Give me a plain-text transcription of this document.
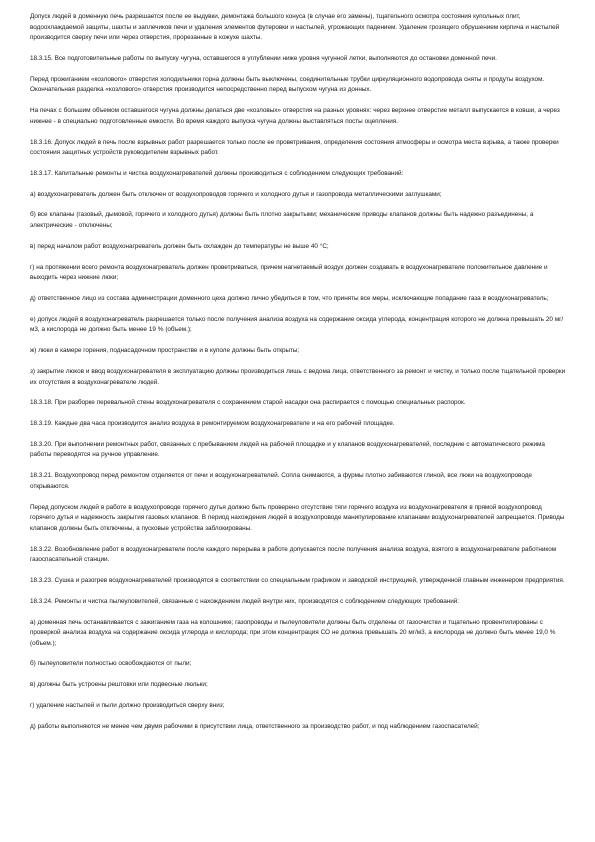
Допуск людей в доменную печь разрешается после ее выдувки, демонтажа большого конуса (в случае его замены), тщательного осмотра состояния купольных плит, водоохлаждаемой защиты, шахты и заплечиков печи и удаления элементов футеровки и настылей, угрожающих падением. Удаление грозящего обрушением кирпича и настылей производится сверху печи или через отверстия, прорезанные в кожухе шахты.

18.3.15. Все подготовительные работы по выпуску чугуна, оставшегося в углублении ниже уровня чугунной летки, выполняются до остановки доменной печи.

Перед прожиганием «козлового» отверстия холодильники горна должны быть выключены, соединительные трубки циркуляционного водопровода сняты и продуты воздухом. Окончательная разделка «козлового» отверстия производится непосредственно перед выпуском чугуна из донных.

На печах с большим объемом оставшегося чугуна должны делаться две «козловых» отверстия на разных уровнях: через верхнее отверстие металл выпускается в ковши, а через нижнее - в специально подготовленные емкости. Во время каждого выпуска чугуна должны выставляться посты оцепления.

18.3.16. Допуск людей в печь после взрывных работ разрешается только после ее проветривания, определения состояния атмосферы и осмотра места взрыва, а также проверки состояния защитных устройств руководителем взрывных работ.

18.3.17. Капитальные ремонты и чистка воздухонагревателей должны производиться с соблюдением следующих требований:

а) воздухонагреватель должен быть отключен от воздухопроводов горячего и холодного дутья и газопровода металлическими заглушками;

б) все клапаны (газовый, дымовой, горячего и холодного дутья) должны быть плотно закрытыми; механические приводы клапанов должны быть надежно разъединены, а электрические - отключены;

в) перед началом работ воздухонагреватель должен быть охлажден до температуры не выше 40 °С;

г) на протяжении всего ремонта воздухонагреватель должен проветриваться, причем нагнетаемый воздух должен создавать в воздухонагревателе положительное давление и выходить через нижние люки;

д) ответственное лицо из состава администрации доменного цеха должно лично убедиться в том, что приняты все меры, исключающие попадание газа в воздухонагреватель;

е) допуск людей в воздухонагреватель разрешается только после получения анализа воздуха на содержание оксида углерода, концентрация которого не должна превышать 20 мг/м3, а кислорода не должно быть менее 19 % (объем.);

ж) люки в камере горения, поднасадочном пространстве и в куполе должны быть открыты;

з) закрытие люков и ввод воздухонагревателя в эксплуатацию должны производиться лишь с ведома лица, ответственного за ремонт и чистку, и только после тщательной проверки их отсутствия в воздухонагревателе людей.

18.3.18. При разборке перевальной стены воздухонагревателя с сохранением старой насадки она распирается с помощью специальных распорок.

18.3.19. Каждые два часа производится анализ воздуха в ремонтируемом воздухонагревателе и на его рабочей площадке.

18.3.20. При выполнении ремонтных работ, связанных с пребыванием людей на рабочей площадке и у клапанов воздухонагревателей, последние с автоматического режима работы переводятся на ручное управление.

18.3.21. Воздухопровод перед ремонтом отделяется от печи и воздухонагревателей. Сопла снимаются, а фурмы плотно забиваются глиной, все люки на воздухопроводе открываются.

Перед допуском людей в работе в воздухопроводе горячего дутья должно быть проверено отсутствие тяги горячего воздуха из воздухонагревателя в прямой воздухопровод горячего дутья и надежность закрытия газовых клапанов. В период нахождения людей в воздухопроводе манипулирование клапанами воздухонагревателей запрещается. Приводы клапанов должны быть отключены, а пусковые устройства заблокированы.

18.3.22. Возобновление работ в воздухонагревателе после каждого перерыва в работе допускается после получения анализа воздуха, взятого в воздухонагревателе работником газоспасательной станции.

18.3.23. Сушка и разогрев воздухонагревателей производятся в соответствии со специальным графиком и заводской инструкцией, утвержденной главным инженером предприятия.

18.3.24. Ремонты и чистка пылеуловителей, связанные с нахождением людей внутри них, производятся с соблюдением следующих требований:

а) доменная печь останавливается с зажиганием газа на колошнике; газопроводы и пылеуловители должны быть отделены от газоочистки и тщательно провентилированы с проверкой анализа воздуха на содержание оксида углерода и кислорода; при этом концентрация СО не должна превышать 20 мг/м3, а кислорода не должно быть менее 19,0 % (объем.);

б) пылеуловители полностью освобождаются от пыли;

в) должны быть устроены рештовки или подвесные люльки;

г) удаление настылей и пыли должно производиться сверху вниз;

д) работы выполняются не менее чем двумя рабочими в присутствии лица, ответственного за производство работ, и под наблюдением газоспасателей;
